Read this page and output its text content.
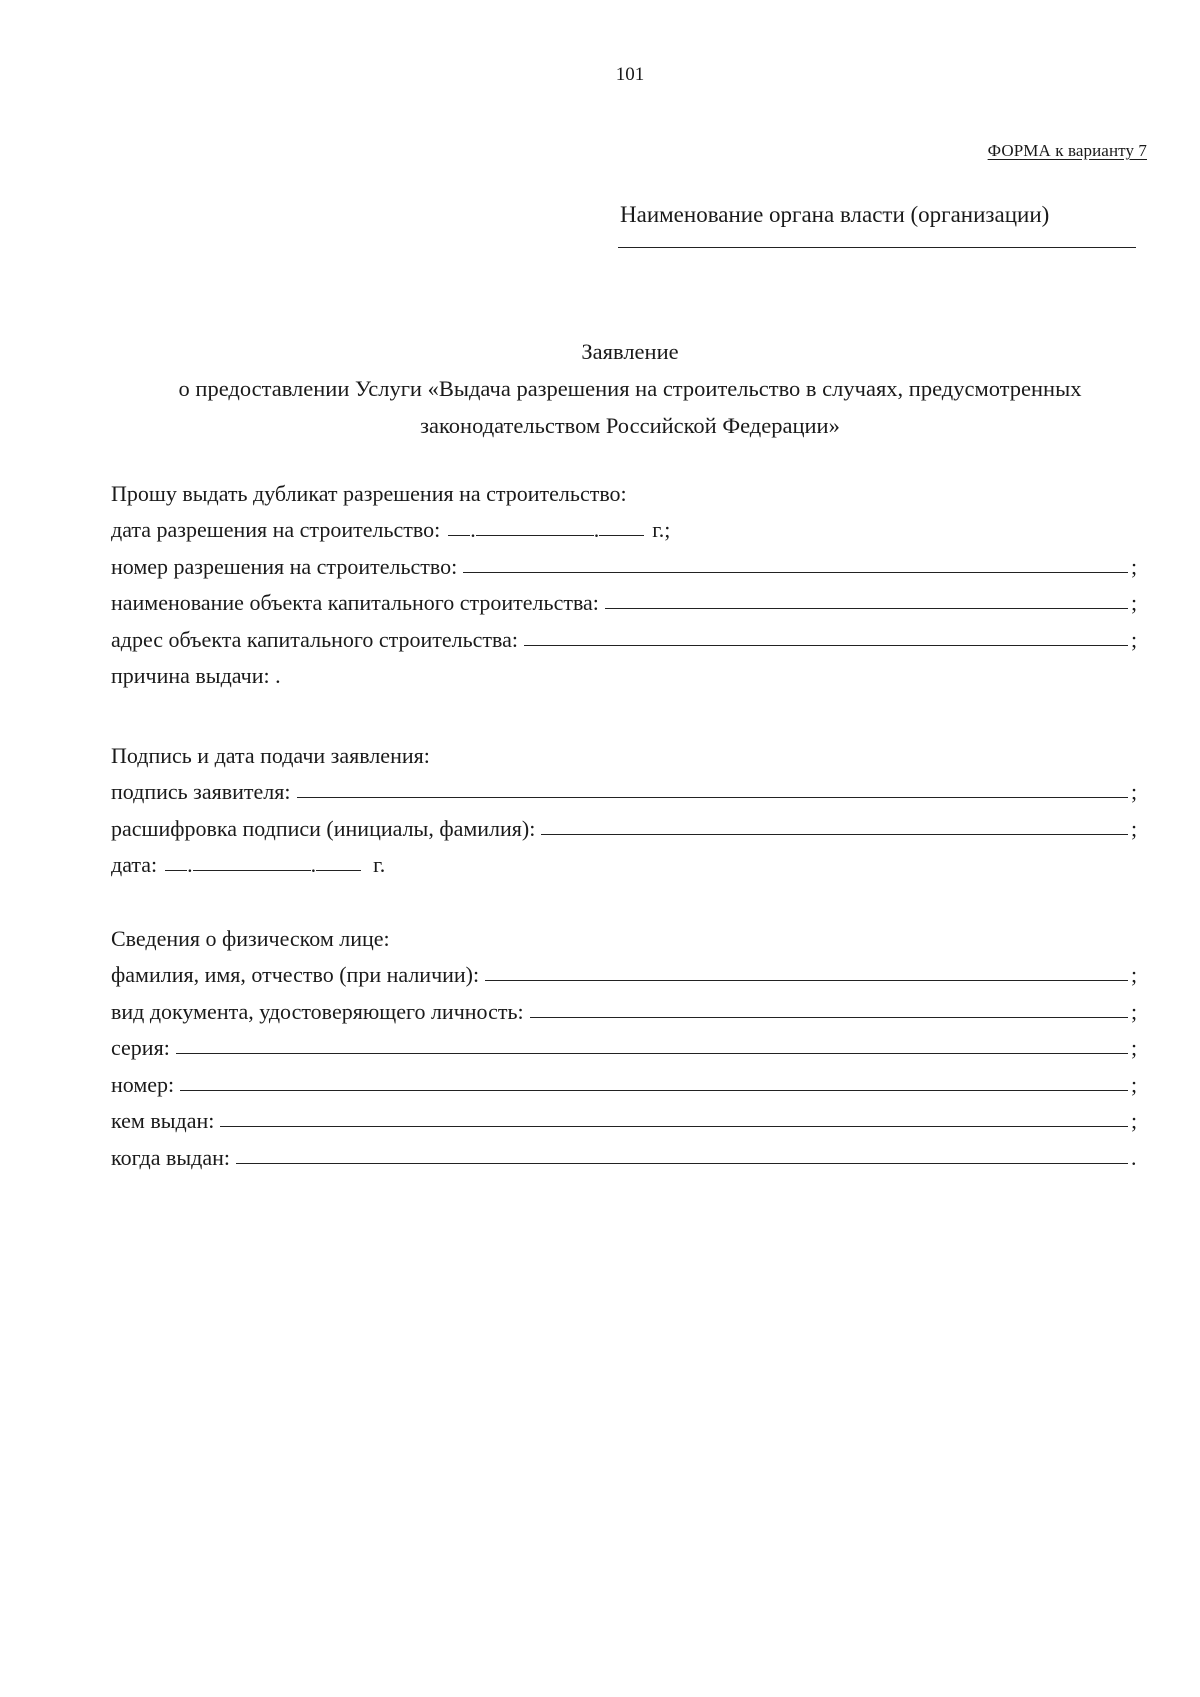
101
ФОРМА к варианту 7
Наименование органа власти (организации)
Заявление
о предоставлении Услуги «Выдача разрешения на строительство в случаях, предусмотренных
законодательством Российской Федерации»
Прошу выдать дубликат разрешения на строительство:
дата разрешения на строительство: .	. г.;
номер разрешения на строительство:	;
наименование объекта капитального строительства:	;
адрес объекта капитального строительства:	;
причина выдачи: .
Подпись и дата подачи заявления:
подпись заявителя:	;
расшифровка подписи (инициалы, фамилия):	;
дата: .	.	г.
Сведения о физическом лице:
фамилия, имя, отчество (при наличии):	;
вид документа, удостоверяющего личность:	;
серия:	;
номер:	;
кем выдан:	;
когда выдан:	.
